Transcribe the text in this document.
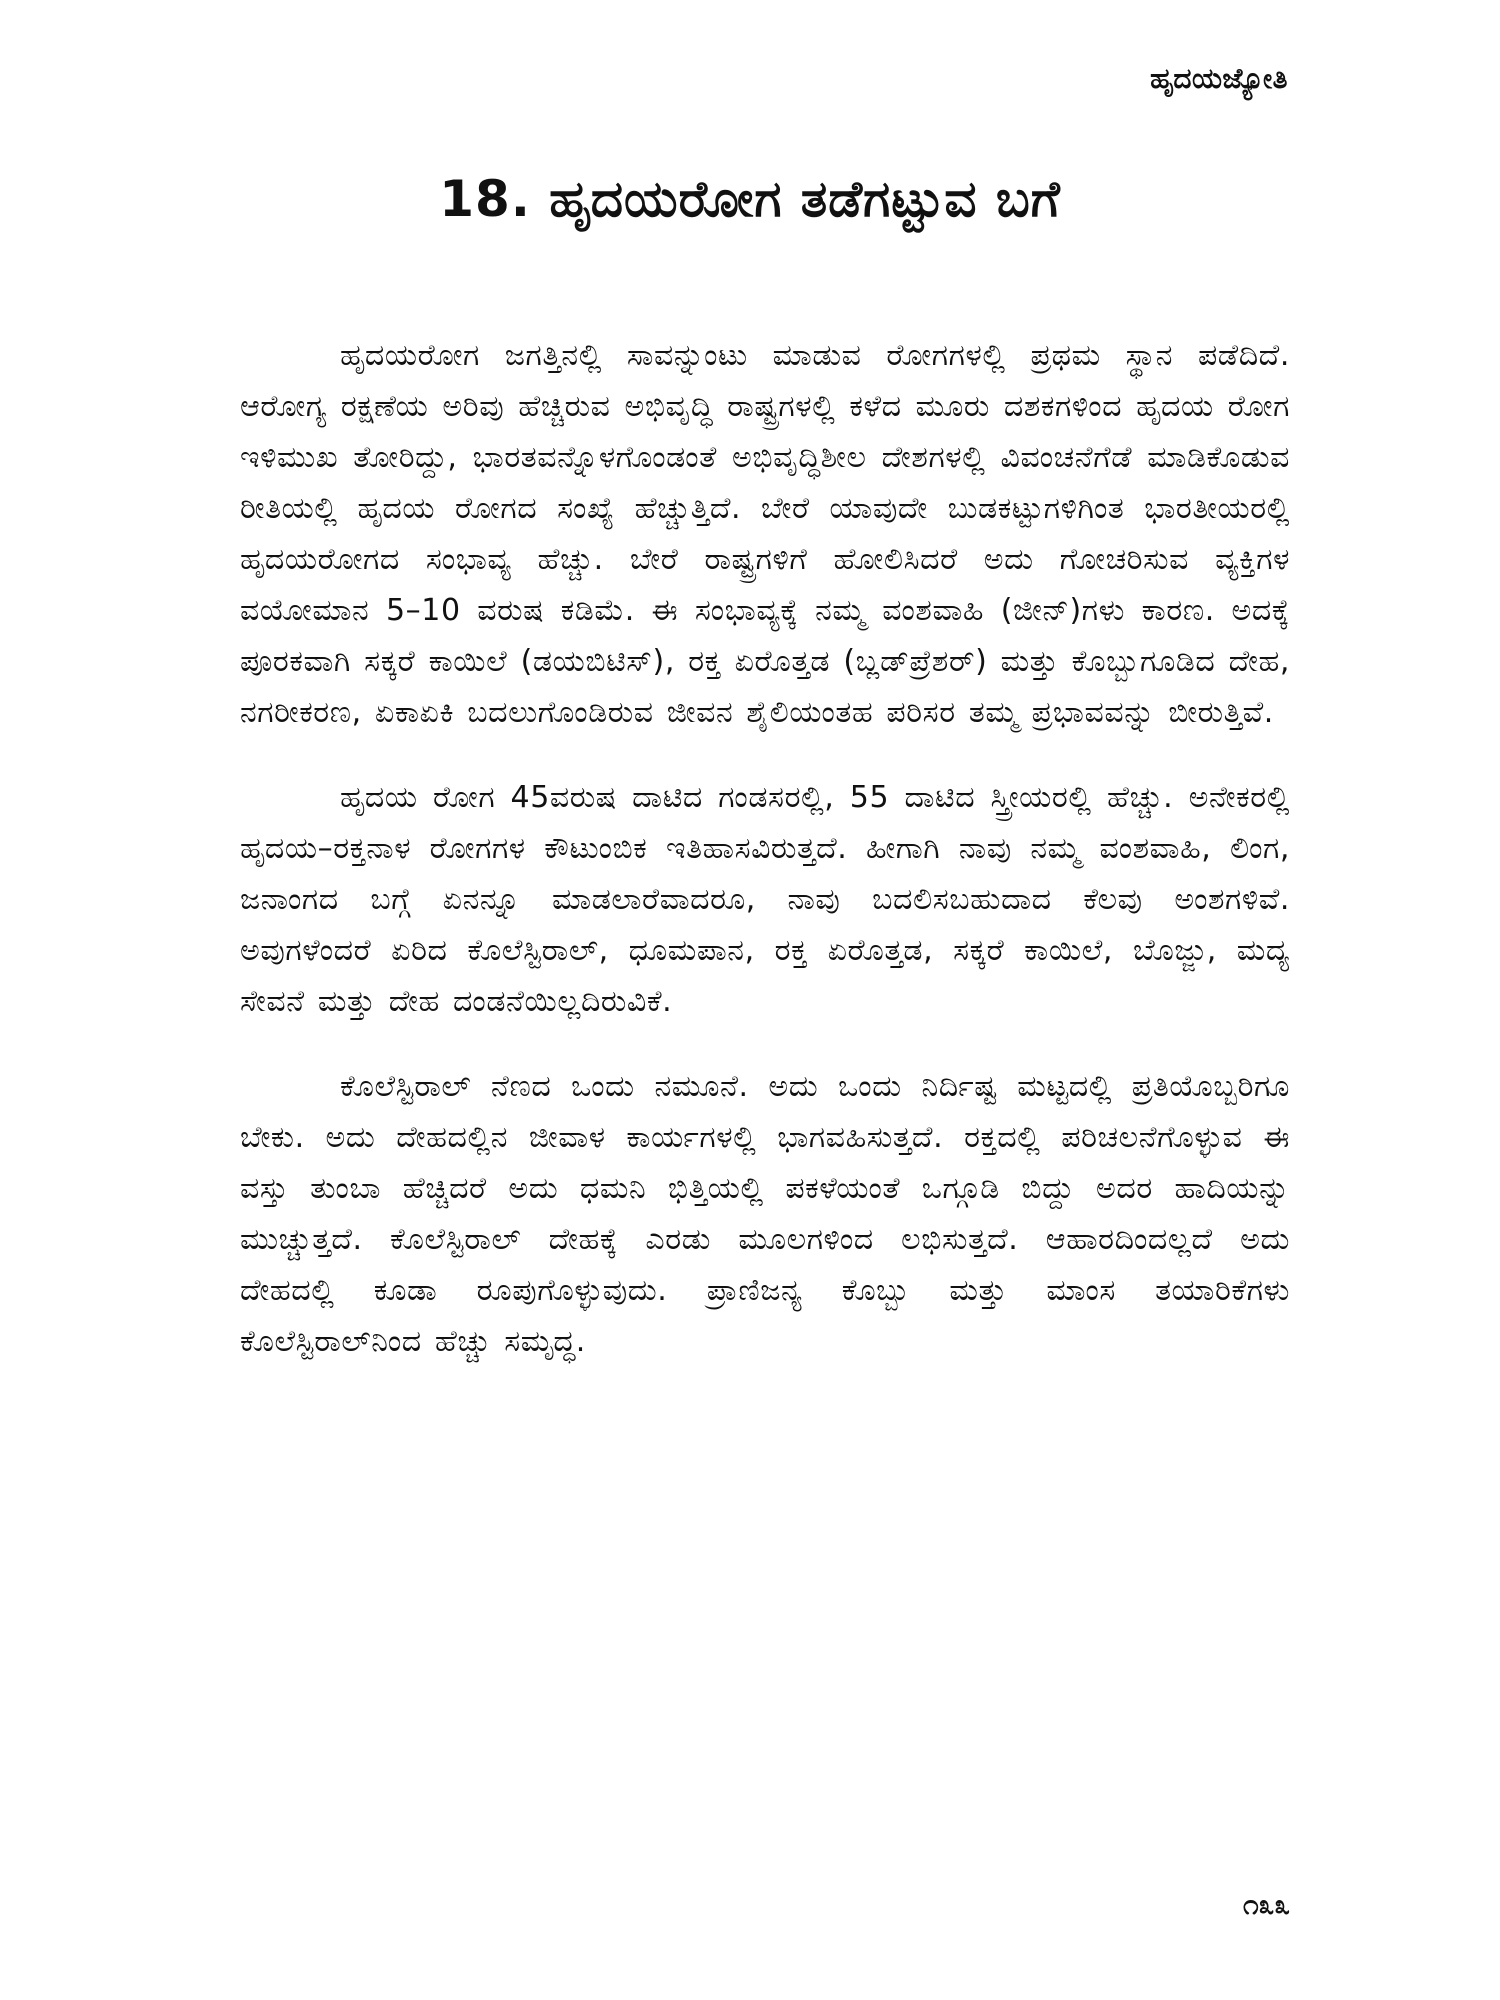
ಹೃದಯಜ್ಯೋತಿ
18. ಹೃದಯರೋಗ ತಡೆಗಟ್ಟುವ ಬಗೆ

ಹೃದಯರೋಗ ಜಗತ್ತಿನಲ್ಲಿ ಸಾವನ್ನುಂಟು ಮಾಡುವ ರೋಗಗಳಲ್ಲಿ ಪ್ರಥಮ ಸ್ಥಾನ ಪಡೆದಿದೆ. ಆರೋಗ್ಯ ರಕ್ಷಣೆಯ ಅರಿವು ಹೆಚ್ಚಿರುವ ಅಭಿವೃದ್ಧಿ ರಾಷ್ಟ್ರಗಳಲ್ಲಿ ಕಳೆದ ಮೂರು ದಶಕಗಳಿಂದ ಹೃದಯ ರೋಗ ಇಳಿಮುಖ ತೋರಿದ್ದು, ಭಾರತವನ್ನೊಳಗೊಂಡಂತೆ ಅಭಿವೃದ್ಧಿಶೀಲ ದೇಶಗಳಲ್ಲಿ ವಿವಂಚನೆಗೆಡೆ ಮಾಡಿಕೊಡುವ ರೀತಿಯಲ್ಲಿ ಹೃದಯ ರೋಗದ ಸಂಖ್ಯೆ ಹೆಚ್ಚುತ್ತಿದೆ. ಬೇರೆ ಯಾವುದೇ ಬುಡಕಟ್ಟುಗಳಿಗಿಂತ ಭಾರತೀಯರಲ್ಲಿ ಹೃದಯರೋಗದ ಸಂಭಾವ್ಯ ಹೆಚ್ಚು. ಬೇರೆ ರಾಷ್ಟ್ರಗಳಿಗೆ ಹೋಲಿಸಿದರೆ ಅದು ಗೋಚರಿಸುವ ವ್ಯಕ್ತಿಗಳ ವಯೋಮಾನ 5–10 ವರುಷ ಕಡಿಮೆ. ಈ ಸಂಭಾವ್ಯಕ್ಕೆ ನಮ್ಮ ವಂಶವಾಹಿ (ಜೀನ್)ಗಳು ಕಾರಣ. ಅದಕ್ಕೆ ಪೂರಕವಾಗಿ ಸಕ್ಕರೆ ಕಾಯಿಲೆ (ಡಯಬಿಟಿಸ್), ರಕ್ತ ಏರೊತ್ತಡ (ಬ್ಲಡ್‌ಪ್ರೆಶರ್) ಮತ್ತು ಕೊಬ್ಬುಗೂಡಿದ ದೇಹ, ನಗರೀಕರಣ, ಏಕಾಏಕಿ ಬದಲುಗೊಂಡಿರುವ ಜೀವನ ಶೈಲಿಯಂತಹ ಪರಿಸರ ತಮ್ಮ ಪ್ರಭಾವವನ್ನು ಬೀರುತ್ತಿವೆ.

ಹೃದಯ ರೋಗ 45ವರುಷ ದಾಟಿದ ಗಂಡಸರಲ್ಲಿ, 55 ದಾಟಿದ ಸ್ತ್ರೀಯರಲ್ಲಿ ಹೆಚ್ಚು. ಅನೇಕರಲ್ಲಿ ಹೃದಯ–ರಕ್ತನಾಳ ರೋಗಗಳ ಕೌಟುಂಬಿಕ ಇತಿಹಾಸವಿರುತ್ತದೆ. ಹೀಗಾಗಿ ನಾವು ನಮ್ಮ ವಂಶವಾಹಿ, ಲಿಂಗ, ಜನಾಂಗದ ಬಗ್ಗೆ ಏನನ್ನೂ ಮಾಡಲಾರೆವಾದರೂ, ನಾವು ಬದಲಿಸಬಹುದಾದ ಕೆಲವು ಅಂಶಗಳಿವೆ. ಅವುಗಳೆಂದರೆ ಏರಿದ ಕೊಲೆಸ್ಟಿರಾಲ್, ಧೂಮಪಾನ, ರಕ್ತ ಏರೊತ್ತಡ, ಸಕ್ಕರೆ ಕಾಯಿಲೆ, ಬೊಜ್ಜು, ಮದ್ಯ ಸೇವನೆ ಮತ್ತು ದೇಹ ದಂಡನೆಯಿಲ್ಲದಿರುವಿಕೆ.

ಕೊಲೆಸ್ಟಿರಾಲ್ ನೆಣದ ಒಂದು ನಮೂನೆ. ಅದು ಒಂದು ನಿರ್ದಿಷ್ಟ ಮಟ್ಟದಲ್ಲಿ ಪ್ರತಿಯೊಬ್ಬರಿಗೂ ಬೇಕು. ಅದು ದೇಹದಲ್ಲಿನ ಜೀವಾಳ ಕಾರ್ಯಗಳಲ್ಲಿ ಭಾಗವಹಿಸುತ್ತದೆ. ರಕ್ತದಲ್ಲಿ ಪರಿಚಲನೆಗೊಳ್ಳುವ ಈ ವಸ್ತು ತುಂಬಾ ಹೆಚ್ಚಿದರೆ ಅದು ಧಮನಿ ಭಿತ್ತಿಯಲ್ಲಿ ಪಕಳೆಯಂತೆ ಒಗ್ಗೂಡಿ ಬಿದ್ದು ಅದರ ಹಾದಿಯನ್ನು ಮುಚ್ಚುತ್ತದೆ. ಕೊಲೆಸ್ಟಿರಾಲ್ ದೇಹಕ್ಕೆ ಎರಡು ಮೂಲಗಳಿಂದ ಲಭಿಸುತ್ತದೆ. ಆಹಾರದಿಂದಲ್ಲದೆ ಅದು ದೇಹದಲ್ಲಿ ಕೂಡಾ ರೂಪುಗೊಳ್ಳುವುದು. ಪ್ರಾಣಿಜನ್ಯ ಕೊಬ್ಬು ಮತ್ತು ಮಾಂಸ ತಯಾರಿಕೆಗಳು ಕೊಲೆಸ್ಟಿರಾಲ್‌ನಿಂದ ಹೆಚ್ಚು ಸಮೃದ್ಧ.

೧೩೩
